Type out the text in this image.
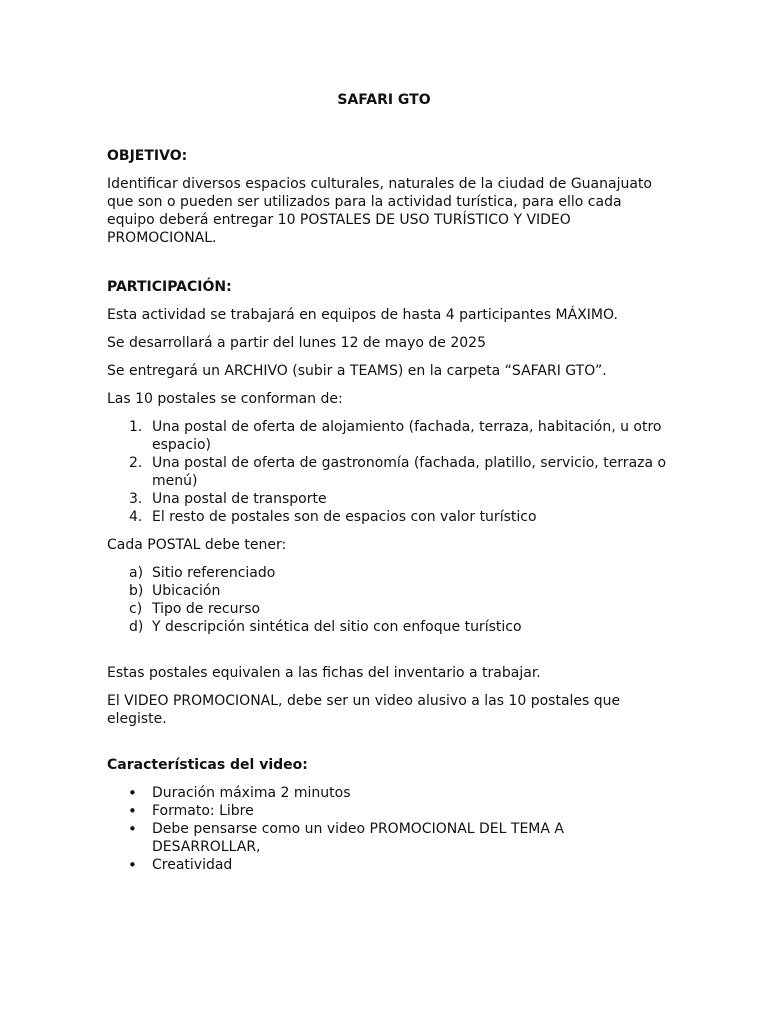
SAFARI GTO
OBJETIVO:

Identificar diversos espacios culturales, naturales de la ciudad de Guanajuato que son o pueden ser utilizados para la actividad turística, para ello cada equipo deberá entregar 10 POSTALES DE USO TURÍSTICO Y VIDEO PROMOCIONAL.

PARTICIPACIÓN:

Esta actividad se trabajará en equipos de hasta 4 participantes MÁXIMO.

Se desarrollará a partir del lunes 12 de mayo de 2025

Se entregará un ARCHIVO (subir a TEAMS) en la carpeta “SAFARI GTO”.

Las 10 postales se conforman de:

1. Una postal de oferta de alojamiento (fachada, terraza, habitación, u otro espacio)
2. Una postal de oferta de gastronomía (fachada, platillo, servicio, terraza o menú)
3. Una postal de transporte
4. El resto de postales son de espacios con valor turístico

Cada POSTAL debe tener:

a) Sitio referenciado
b) Ubicación
c) Tipo de recurso
d) Y descripción sintética del sitio con enfoque turístico

Estas postales equivalen a las fichas del inventario a trabajar.

El VIDEO PROMOCIONAL, debe ser un video alusivo a las 10 postales que elegiste.

Características del video:
• Duración máxima 2 minutos
• Formato: Libre
• Debe pensarse como un video PROMOCIONAL DEL TEMA A DESARROLLAR,
• Creatividad
